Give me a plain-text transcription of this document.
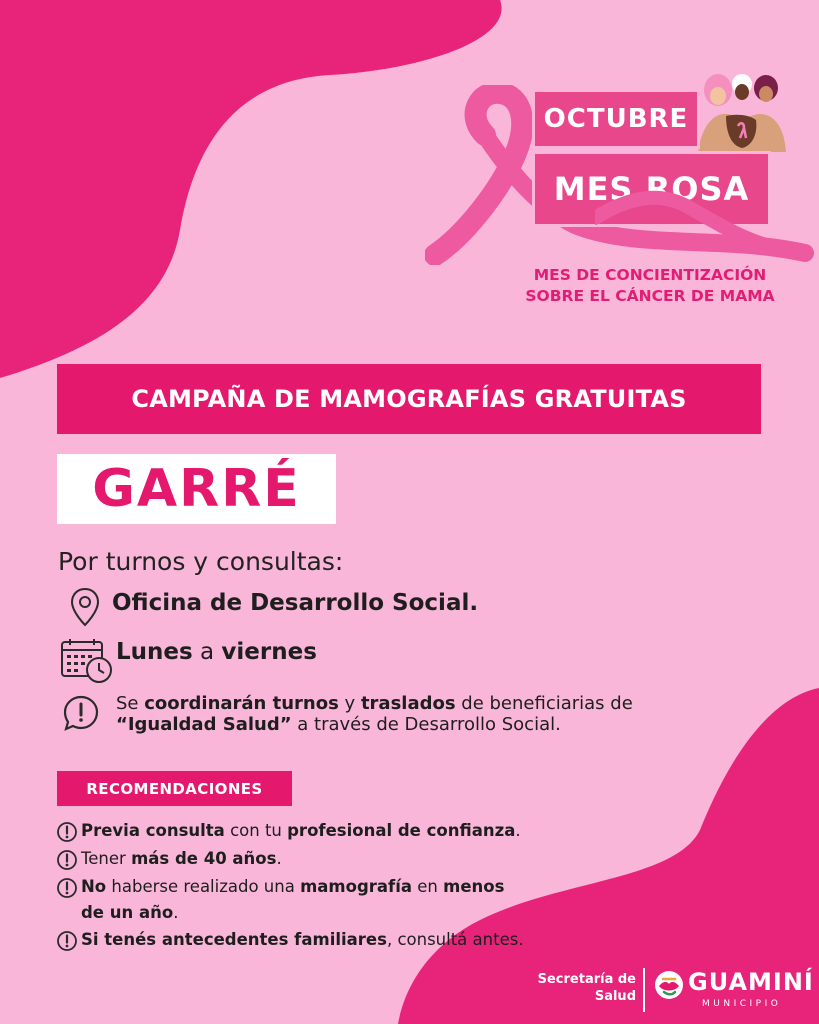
OCTUBRE
MES ROSA
MES DE CONCIENTIZACIÓN
SOBRE EL CÁNCER DE MAMA
CAMPAÑA DE MAMOGRAFÍAS GRATUITAS
GARRÉ
Por turnos y consultas:
Oficina de Desarrollo Social.
Lunes a viernes
Se coordinarán turnos y traslados de beneficiarias de “Igualdad Salud” a través de Desarrollo Social.
RECOMENDACIONES
Previa consulta con tu profesional de confianza.
Tener más de 40 años.
No haberse realizado una mamografía en menos
de un año.
Si tenés antecedentes familiares, consultá antes.
Secretaría de
Salud
GUAMINÍ
MUNICIPIO
